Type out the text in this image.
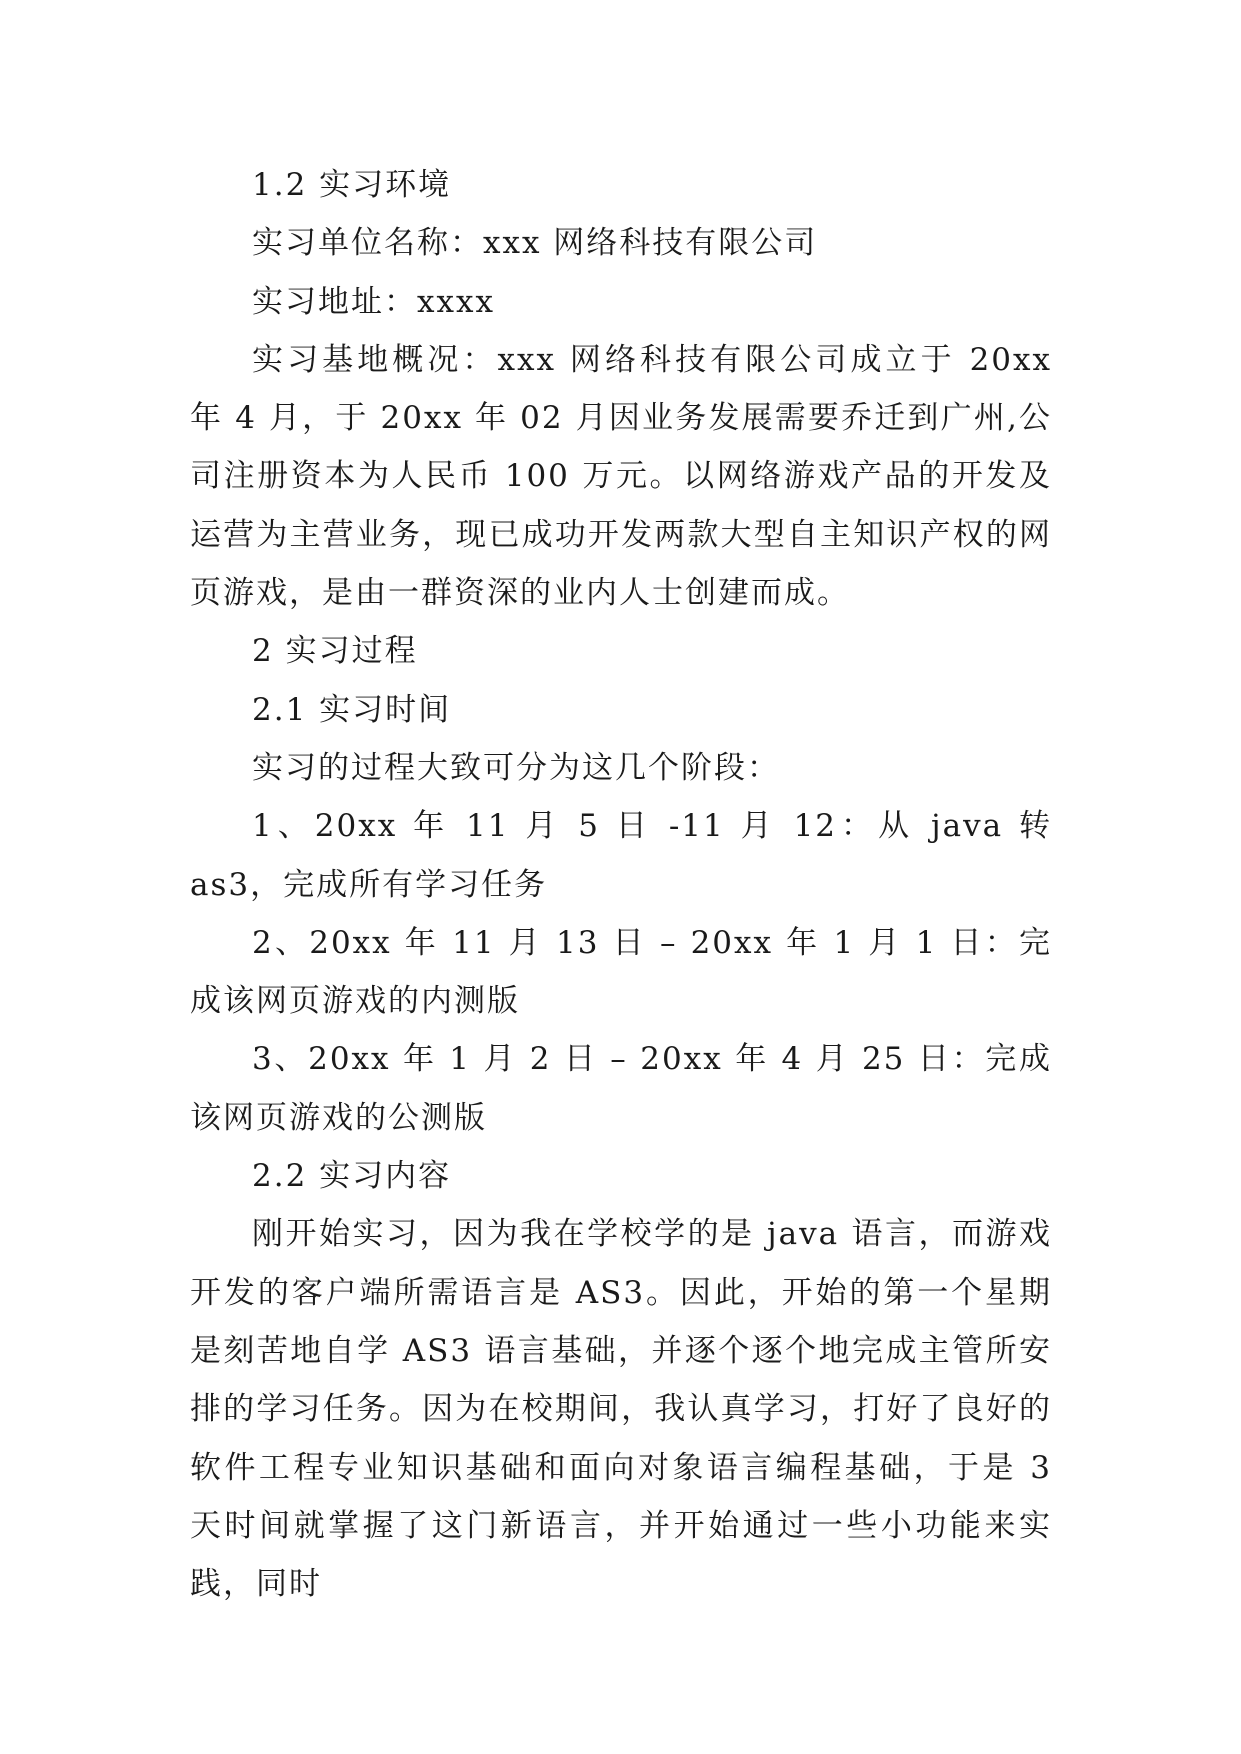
1.2 实习环境

实习单位名称：xxx 网络科技有限公司

实习地址：xxxx

实习基地概况：xxx 网络科技有限公司成立于 20xx 年 4 月，于 20xx 年 02 月因业务发展需要乔迁到广州,公司注册资本为人民币 100 万元。以网络游戏产品的开发及运营为主营业务，现已成功开发两款大型自主知识产权的网页游戏，是由一群资深的业内人士创建而成。

2 实习过程

2.1 实习时间

实习的过程大致可分为这几个阶段：

1、20xx 年 11 月 5 日 -11 月 12：从 java 转 as3，完成所有学习任务

2、20xx 年 11 月 13 日 – 20xx 年 1 月 1 日：完成该网页游戏的内测版

3、20xx 年 1 月 2 日 – 20xx 年 4 月 25 日：完成该网页游戏的公测版

2.2 实习内容

刚开始实习，因为我在学校学的是 java 语言，而游戏开发的客户端所需语言是 AS3。因此，开始的第一个星期是刻苦地自学 AS3 语言基础，并逐个逐个地完成主管所安排的学习任务。因为在校期间，我认真学习，打好了良好的软件工程专业知识基础和面向对象语言编程基础，于是 3 天时间就掌握了这门新语言，并开始通过一些小功能来实践，同时
